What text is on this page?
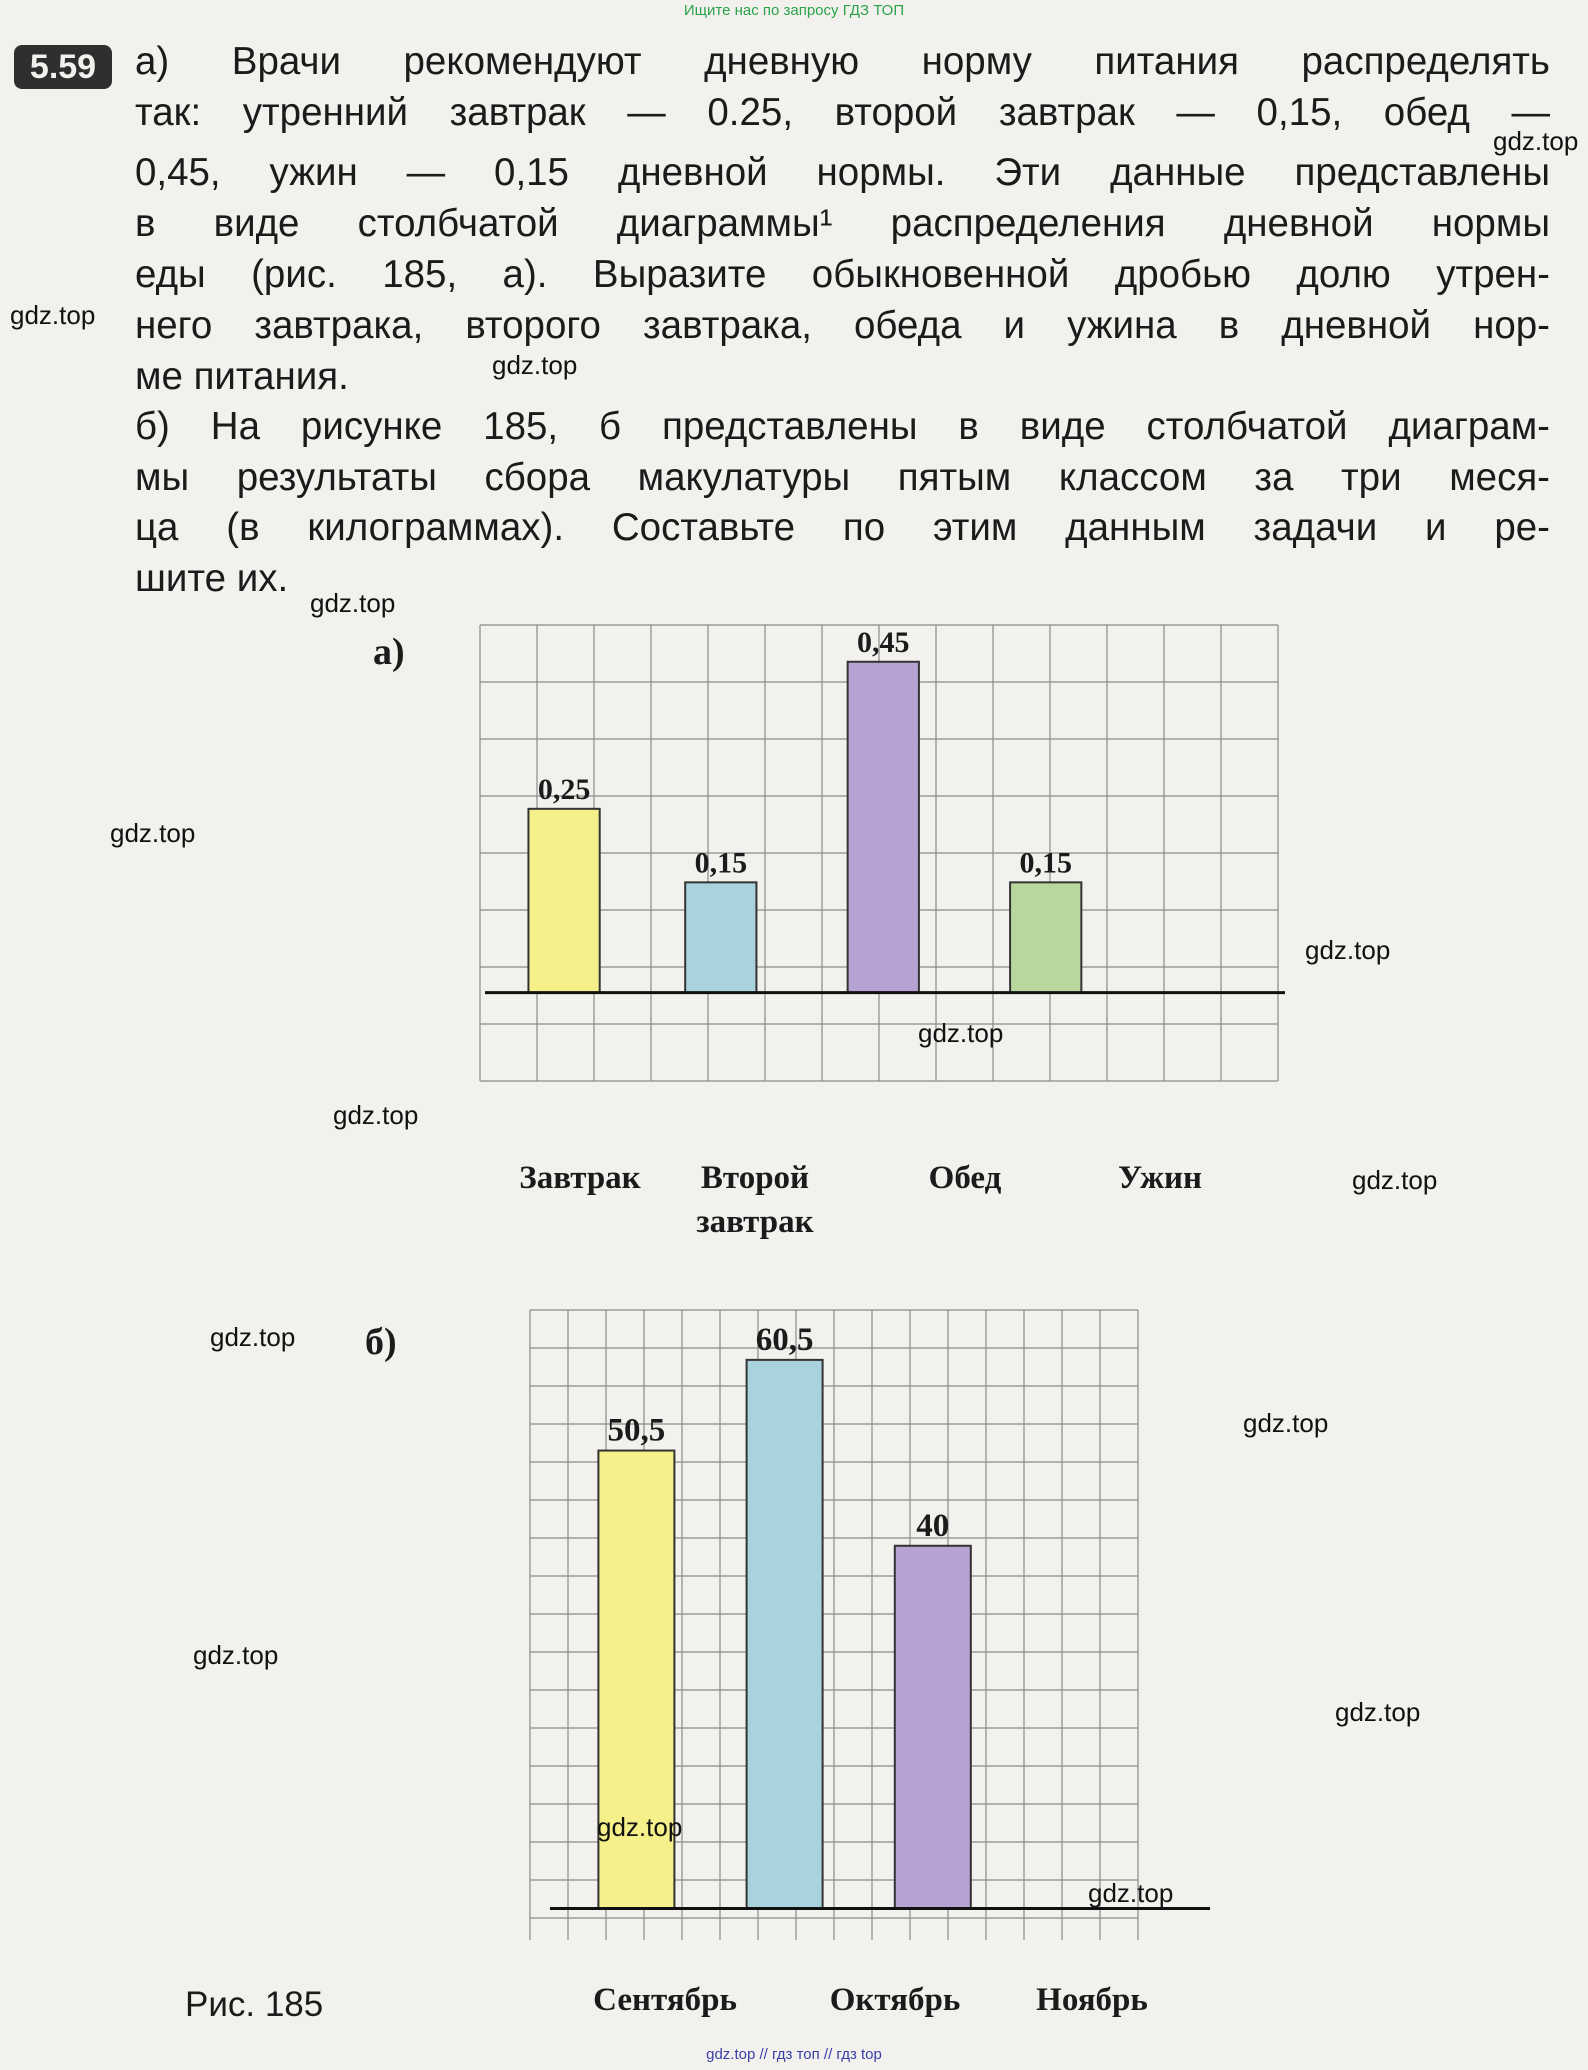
Ищите нас по запросу ГДЗ ТОП
gdz.top // гдз топ // гдз top
5.59	а) Врачи рекомендуют дневную норму питания распределять
так: утренний завтрак — 0.25, второй завтрак — 0,15, обед —
0,45, ужин — 0,15 дневной нормы. Эти данные представлены
в виде столбчатой диаграммы¹ распределения дневной нормы
еды (рис. 185, а). Выразите обыкновенной дробью долю утрен-
него завтрака, второго завтрака, обеда и ужина в дневной нор-
ме питания.
б) На рисунке 185, б представлены в виде столбчатой диаграм-
мы результаты сбора макулатуры пятым классом за три меся-
ца (в килограммах). Составьте по этим данным задачи и ре-
шите их.
а)
0,25
0,15
0,45
0,15
Завтрак Второй
завтрак
Обед	Ужин
б)
50,5
60,5
40
Сентябрь	Октябрь Ноябрь
Рис. 185
gdz.top
gdz.top
gdz.top
gdz.top
gdz.top
gdz.top
gdz.top
gdz.top
gdz.top
gdz.top
gdz.top
gdz.top
gdz.top
gdz.top
gdz.top
